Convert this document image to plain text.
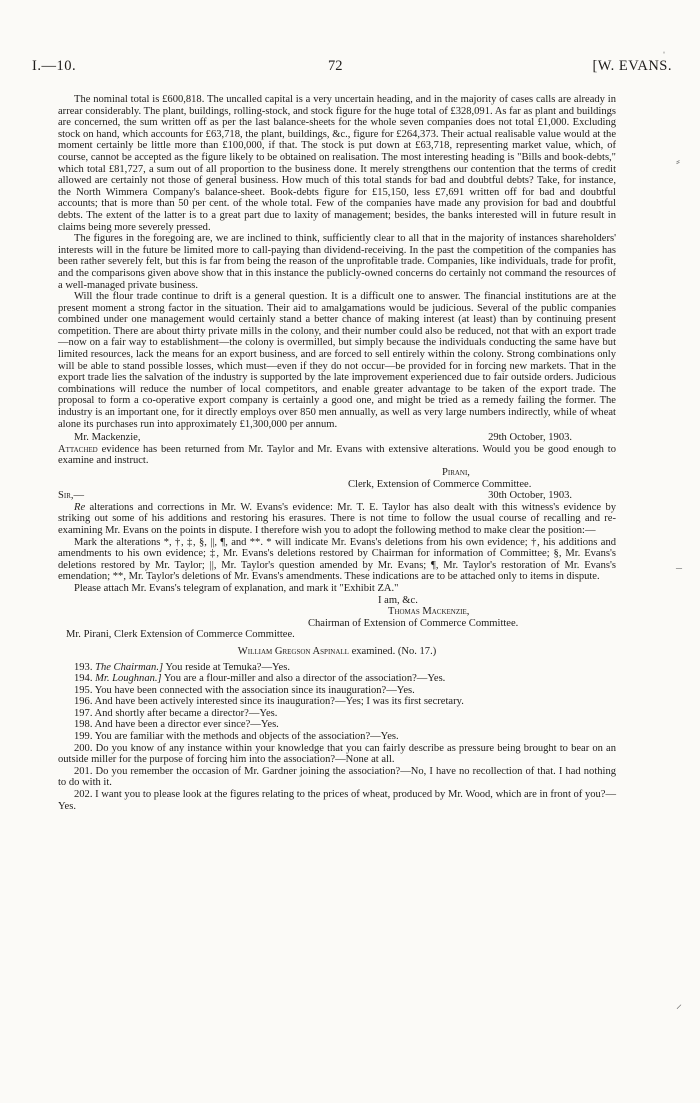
I.—10.	72	[W. EVANS.
ˌ
⸗
–
⸝

The nominal total is £600,818. The uncalled capital is a very uncertain heading, and in the majority of cases calls are already in arrear considerably. The plant, buildings, rolling-stock, and stock figure for the huge total of £328,091. As far as plant and buildings are concerned, the sum written off as per the last balance-sheets for the whole seven companies does not total £1,000. Excluding stock on hand, which accounts for £63,718, the plant, buildings, &c., figure for £264,373. Their actual realisable value would at the moment certainly be little more than £100,000, if that. The stock is put down at £63,718, representing market value, which, of course, cannot be accepted as the figure likely to be obtained on realisation. The most interesting heading is "Bills and book-debts," which total £81,727, a sum out of all proportion to the business done. It merely strengthens our contention that the terms of credit allowed are certainly not those of general business. How much of this total stands for bad and doubtful debts? Take, for instance, the North Wimmera Company's balance-sheet. Book-debts figure for £15,150, less £7,691 written off for bad and doubtful accounts; that is more than 50 per cent. of the whole total. Few of the companies have made any provision for bad and doubtful debts. The extent of the latter is to a great part due to laxity of management; besides, the banks interested will in future result in claims being more severely pressed.

The figures in the foregoing are, we are inclined to think, sufficiently clear to all that in the majority of instances shareholders' interests will in the future be limited more to call-paying than dividend-receiving. In the past the competition of the companies has been rather severely felt, but this is far from being the reason of the unprofitable trade. Companies, like individuals, trade for profit, and the comparisons given above show that in this instance the publicly-owned concerns do certainly not command the resources of a well-managed private business.

Will the flour trade continue to drift is a general question. It is a difficult one to answer. The financial institutions are at the present moment a strong factor in the situation. Their aid to amalgamations would be judicious. Several of the public companies combined under one management would certainly stand a better chance of making interest (at least) than by continuing present competition. There are about thirty private mills in the colony, and their number could also be reduced, not that with an export trade—now on a fair way to establishment—the colony is overmilled, but simply because the individuals conducting the same have but limited resources, lack the means for an export business, and are forced to sell entirely within the colony. Strong combinations only will be able to stand possible losses, which must—even if they do not occur—be provided for in forcing new markets. That in the export trade lies the salvation of the industry is supported by the late improvement experienced due to fair outside orders. Judicious combinations will reduce the number of local competitors, and enable greater advantage to be taken of the export trade. The proposal to form a co-operative export company is certainly a good one, and might be tried as a remedy failing the former. The industry is an important one, for it directly employs over 850 men annually, as well as very large numbers indirectly, while of wheat alone its purchases run into approximately £1,300,000 per annum.

Mr. Mackenzie,	29th October, 1903.

Attached evidence has been returned from Mr. Taylor and Mr. Evans with extensive alterations. Would you be good enough to examine and instruct.

Pirani,

Clerk, Extension of Commerce Committee.

Sir,—	30th October, 1903.

Re alterations and corrections in Mr. W. Evans's evidence: Mr. T. E. Taylor has also dealt with this witness's evidence by striking out some of his additions and restoring his erasures. There is not time to follow the usual course of recalling and re-examining Mr. Evans on the points in dispute. I therefore wish you to adopt the following method to make clear the position:—

Mark the alterations *, †, ‡, §, ||, ¶, and **. * will indicate Mr. Evans's deletions from his own evidence; †, his additions and amendments to his own evidence; ‡, Mr. Evans's deletions restored by Chairman for information of Committee; §, Mr. Evans's deletions restored by Mr. Taylor; ||, Mr. Taylor's question amended by Mr. Evans; ¶, Mr. Taylor's restoration of Mr. Evans's emendation; **, Mr. Taylor's deletions of Mr. Evans's amendments. These indications are to be attached only to items in dispute.

Please attach Mr. Evans's telegram of explanation, and mark it "Exhibit ZA."

I am, &c.

Thomas Mackenzie,

Chairman of Extension of Commerce Committee.

Mr. Pirani, Clerk Extension of Commerce Committee.

William Gregson Aspinall examined. (No. 17.)

193. The Chairman.] You reside at Temuka?—Yes.

194. Mr. Loughnan.] You are a flour-miller and also a director of the association?—Yes.

195. You have been connected with the association since its inauguration?—Yes.

196. And have been actively interested since its inauguration?—Yes; I was its first secretary.

197. And shortly after became a director?—Yes.

198. And have been a director ever since?—Yes.

199. You are familiar with the methods and objects of the association?—Yes.

200. Do you know of any instance within your knowledge that you can fairly describe as pressure being brought to bear on an outside miller for the purpose of forcing him into the association?—None at all.

201. Do you remember the occasion of Mr. Gardner joining the association?—No, I have no recollection of that. I had nothing to do with it.

202. I want you to please look at the figures relating to the prices of wheat, produced by Mr. Wood, which are in front of you?—Yes.
